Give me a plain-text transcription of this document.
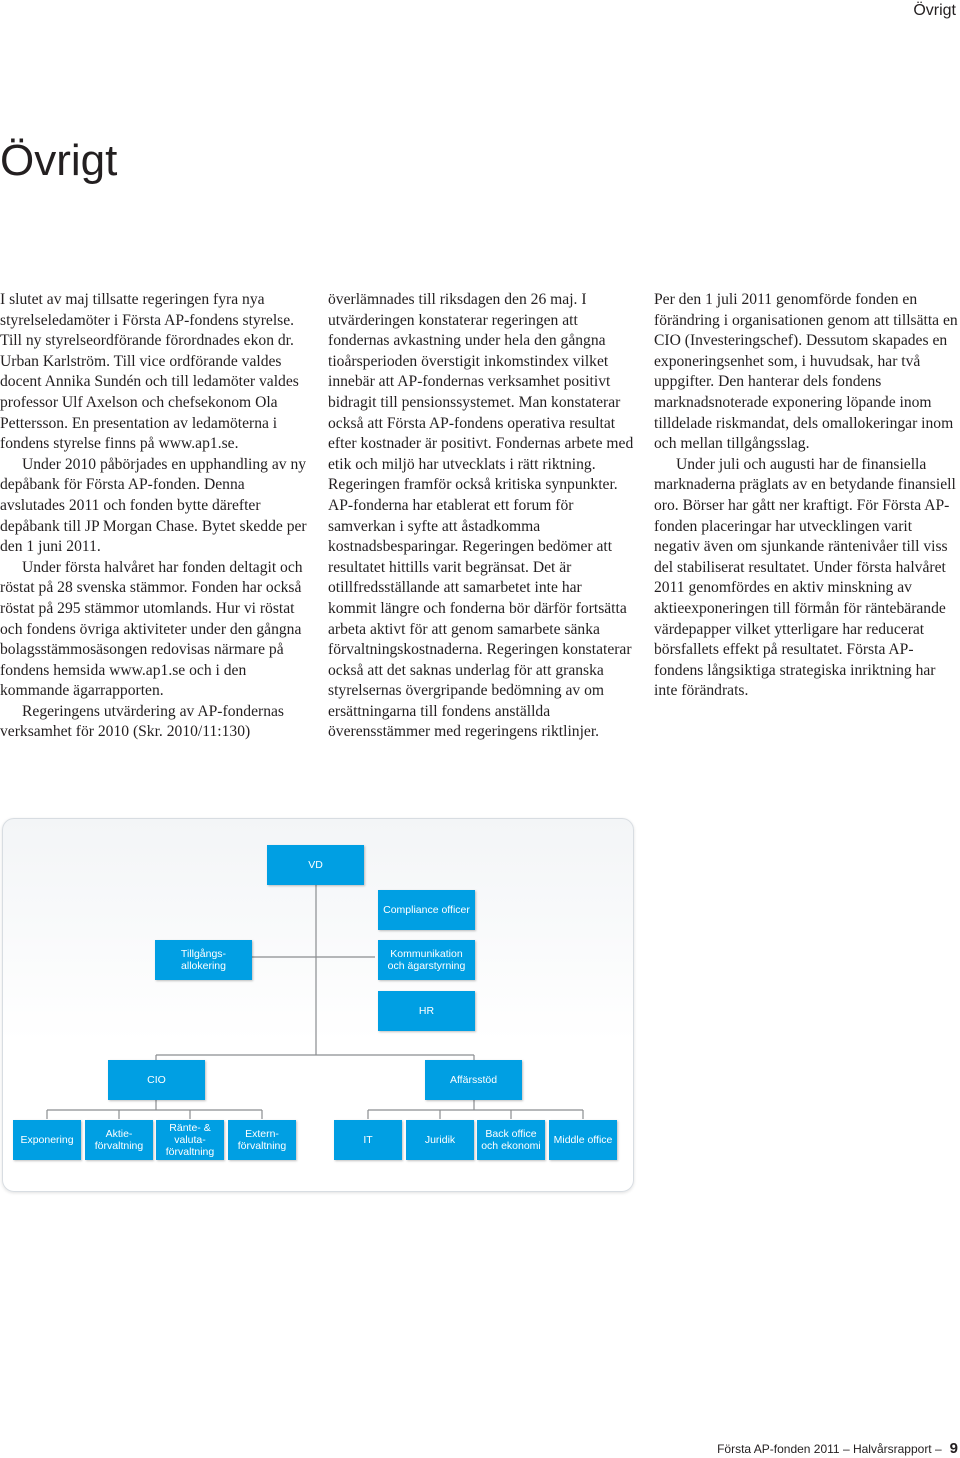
Övrigt
Övrigt

I slutet av maj tillsatte regeringen fyra nya styrelseledamöter i Första AP-fondens styrelse. Till ny styrelseordförande förordnades ekon dr. Urban Karlström. Till vice ordförande valdes docent Annika Sundén och till ledamöter valdes professor Ulf Axelson och chefsekonom Ola Pettersson. En presentation av ledamöterna i fondens styrelse finns på www.ap1.se.

Under 2010 påbörjades en upphandling av ny depåbank för Första AP-fonden. Denna avslutades 2011 och fonden bytte därefter depåbank till JP Morgan Chase. Bytet skedde per den 1 juni 2011.

Under första halvåret har fonden deltagit och röstat på 28 svenska stämmor. Fonden har också röstat på 295 stämmor utomlands. Hur vi röstat och fondens övriga aktiviteter under den gångna bolagsstämmosäsongen redovisas närmare på fondens hemsida www.ap1.se och i den kommande ägarrapporten.

Regeringens utvärdering av AP-fondernas verksamhet för 2010 (Skr. 2010/11:130)

överlämnades till riksdagen den 26 maj. I utvärderingen konstaterar regeringen att fondernas avkastning under hela den gångna tioårsperioden överstigit inkomstindex vilket innebär att AP-fondernas verksamhet positivt bidragit till pensionssystemet. Man konstaterar också att Första AP-fondens operativa resultat efter kostnader är positivt. Fondernas arbete med etik och miljö har utvecklats i rätt riktning. Regeringen framför också kritiska synpunkter. AP-fonderna har etablerat ett forum för samverkan i syfte att åstadkomma kostnadsbesparingar. Regeringen bedömer att resultatet hittills varit begränsat. Det är otillfredsställande att samarbetet inte har kommit längre och fonderna bör därför fortsätta arbeta aktivt för att genom samarbete sänka förvaltningskostnaderna. Regeringen konstaterar också att det saknas underlag för att granska styrelsernas övergripande bedömning av om ersättningarna till fondens anställda överensstämmer med regeringens riktlinjer.

Per den 1 juli 2011 genomförde fonden en förändring i organisationen genom att tillsätta en CIO (Investeringschef). Dessutom skapades en exponeringsenhet som, i huvudsak, har två uppgifter. Den hanterar dels fondens marknadsnoterade exponering löpande inom tilldelade riskmandat, dels omallokeringar inom och mellan tillgångsslag.

Under juli och augusti har de finansiella marknaderna präglats av en betydande finansiell oro. Börser har gått ner kraftigt. För Första AP-fonden placeringar har utvecklingen varit negativ även om sjunkande räntenivåer till viss del stabiliserat resultatet. Under första halvåret 2011 genomfördes en aktiv minskning av aktieexponeringen till förmån för räntebärande värdepapper vilket ytterligare har reducerat börsfallets effekt på resultatet. Första AP-fondens långsiktiga strategiska inriktning har inte förändrats.

VD
Compliance officer
Tillgångs-
allokering
Kommunikation
och ägarstyrning
HR
CIO	Affärsstöd
Exponering	Aktie-
förvaltning
Ränte- & valuta-
förvaltning
Extern-
förvaltning	IT	Juridik	Back office
och ekonomi	Middle office
Första AP-fonden 2011 – Halvårsrapport – 9
